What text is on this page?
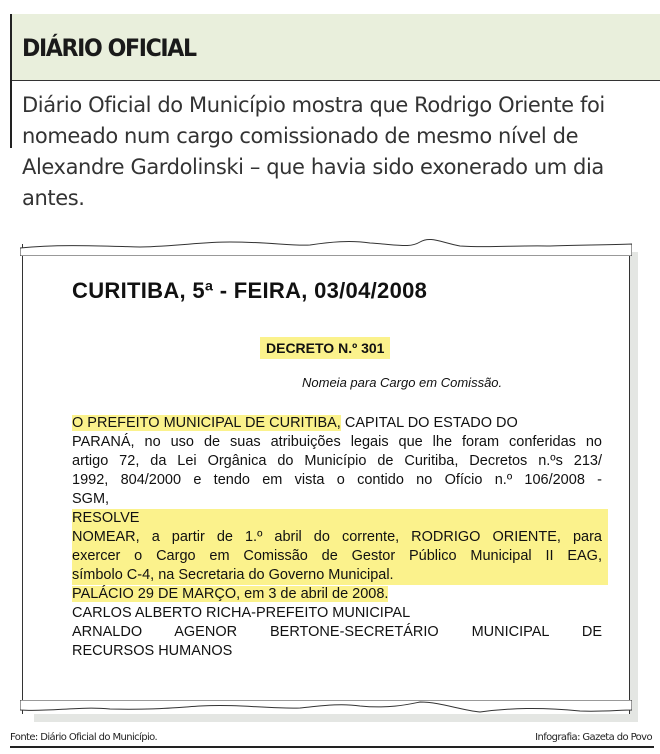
DIÁRIO OFICIAL
Diário Oficial do Município mostra que Rodrigo Oriente foi nomeado num cargo comissionado de mesmo nível de Alexandre Gardolinski – que havia sido exonerado um dia antes.
CURITIBA, 5ª - FEIRA, 03/04/2008
DECRETO N.º 301
Nomeia para Cargo em Comissão.
O PREFEITO MUNICIPAL DE CURITIBA, CAPITAL DO ESTADO DO
PARANÁ, no uso de suas atribuições legais que lhe foram conferidas no
artigo 72, da Lei Orgânica do Município de Curitiba, Decretos n.ºs 213/
1992, 804/2000 e tendo em vista o contido no Ofício n.º 106/2008 -
SGM,
RESOLVE
NOMEAR, a partir de 1.º abril do corrente, RODRIGO ORIENTE, para
exercer o Cargo em Comissão de Gestor Público Municipal II EAG,
símbolo C-4, na Secretaria do Governo Municipal.
PALÁCIO 29 DE MARÇO, em 3 de abril de 2008.
CARLOS ALBERTO RICHA-PREFEITO MUNICIPAL
ARNALDO AGENOR BERTONE-SECRETÁRIO MUNICIPAL DE
RECURSOS HUMANOS
Fonte: Diário Oficial do Município.	Infografia: Gazeta do Povo
